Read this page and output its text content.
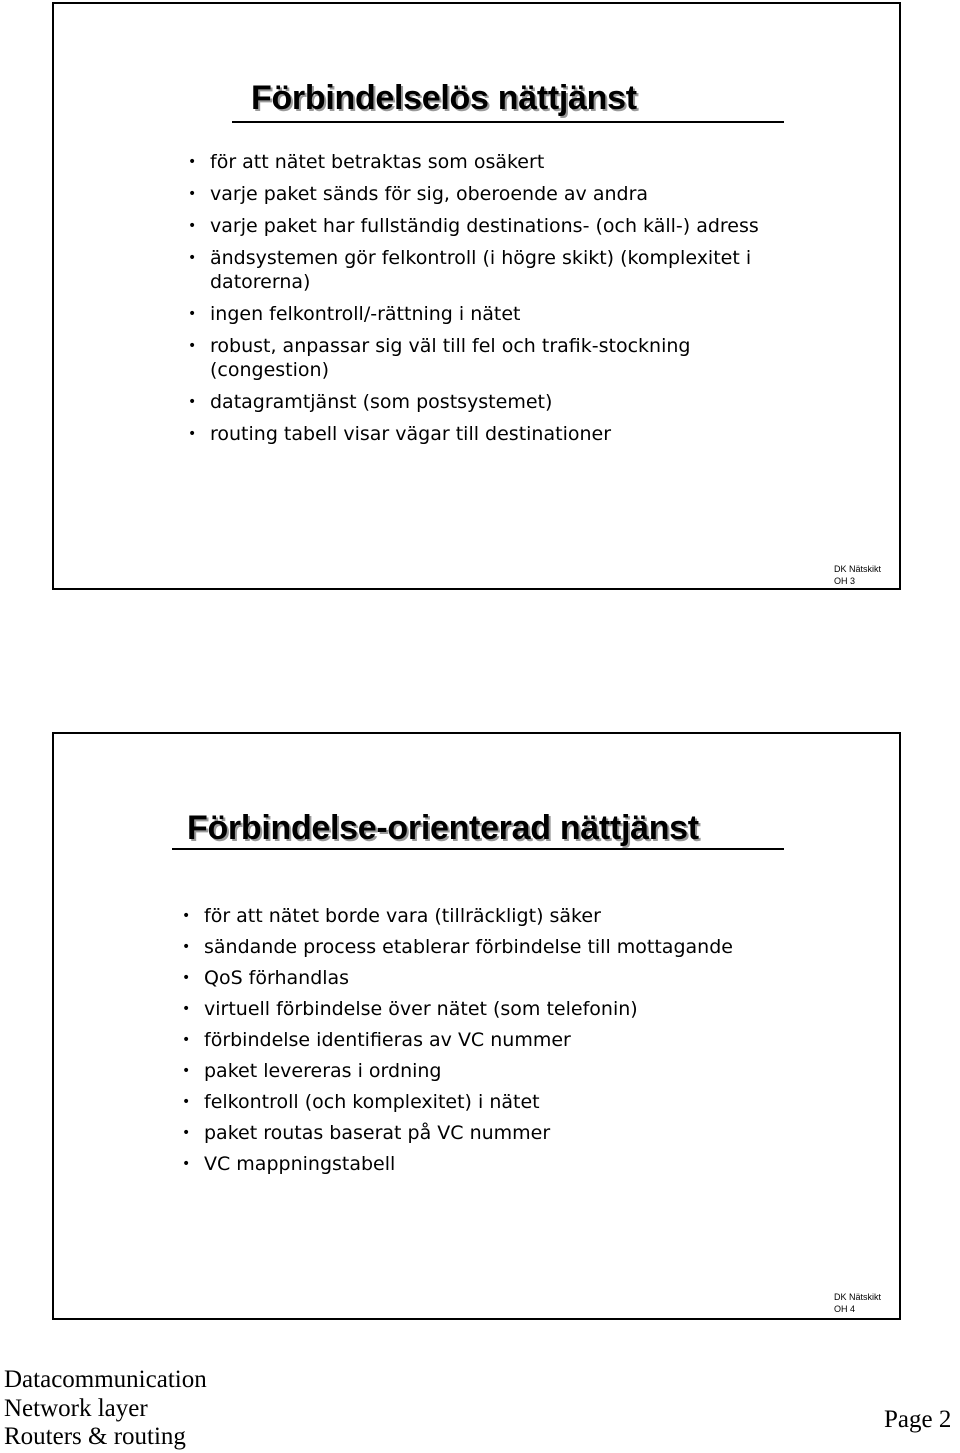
Förbindelselös nättjänst
• för att nätet betraktas som osäkert
• varje paket sänds för sig, oberoende av andra
• varje paket har fullständig destinations- (och käll-) adress
• ändsystemen gör felkontroll (i högre skikt) (komplexitet i datorerna)
• ingen felkontroll/-rättning i nätet
• robust, anpassar sig väl till fel och trafik-stockning (congestion)
• datagramtjänst (som postsystemet)
• routing tabell visar vägar till destinationer
DK Nätskikt
OH 3
Förbindelse-orienterad nättjänst
• för att nätet borde vara (tillräckligt) säker
• sändande process etablerar förbindelse till mottagande
• QoS förhandlas
• virtuell förbindelse över nätet (som telefonin)
• förbindelse identifieras av VC nummer
• paket levereras i ordning
• felkontroll (och komplexitet) i nätet
• paket routas baserat på VC nummer
• VC mappningstabell
DK Nätskikt
OH 4
Datacommunication
Network layer
Routers & routing
Page 2
